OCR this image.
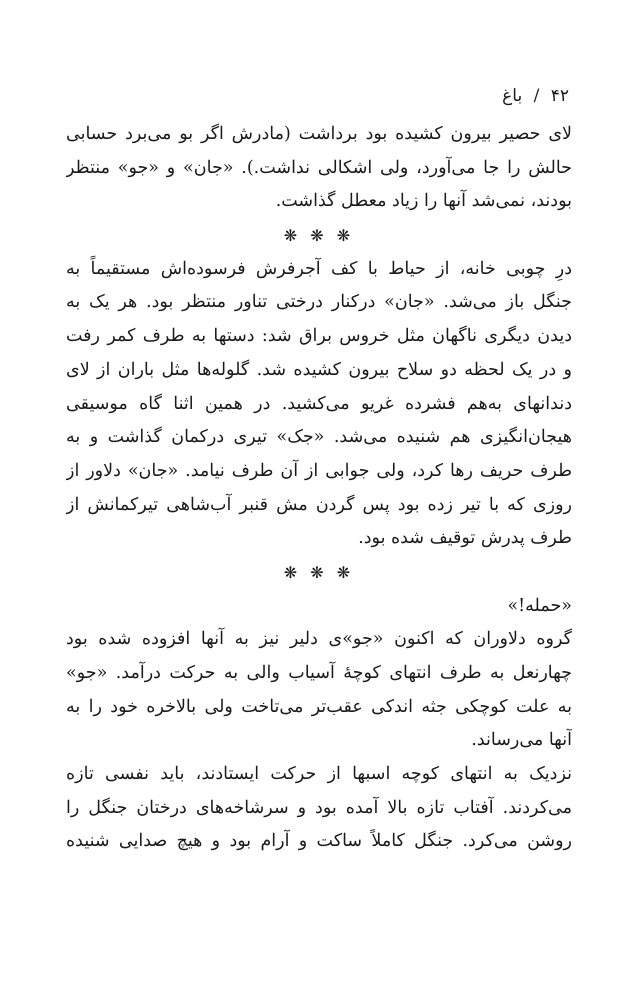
۴۲ / باغ
لای حصیر بیرون کشیده بود برداشت (مادرش اگر بو می‌برد حسابی
حالش را جا می‌آورد، ولی اشکالی نداشت.). «جان» و «جو» منتظر
بودند، نمی‌شد آنها را زیاد معطل گذاشت.
❋ ❋ ❋
درِ چوبی خانه، از حیاط با کف آجرفرش فرسوده‌اش مستقیماً به
جنگل باز می‌شد. «جان» درکنار درختی تناور منتظر بود. هر یک به
دیدن دیگری ناگهان مثل خروس براق شد: دستها به طرف کمر رفت
و در یک لحظه دو سلاح بیرون کشیده شد. گلوله‌ها مثل باران از لای
دندانهای به‌هم فشرده غریو می‌کشید. در همین اثنا گاه موسیقی
هیجان‌انگیزی هم شنیده می‌شد. «جک» تیری درکمان گذاشت و به
طرف حریف رها کرد، ولی جوابی از آن طرف نیامد. «جان» دلاور از
روزی که با تیر زده بود پس گردن مش قنبر آب‌شاهی تیرکمانش از
طرف پدرش توقیف شده بود.
❋ ❋ ❋
«حمله!»
گروه دلاوران که اکنون «جو»ی دلیر نیز به آنها افزوده شده بود
چهارنعل به طرف انتهای کوچهٔ آسیاب والی به حرکت درآمد. «جو»
به علت کوچکی جثه اندکی عقب‌تر می‌تاخت ولی بالاخره خود را به
آنها می‌رساند.
نزدیک به انتهای کوچه اسبها از حرکت ایستادند، باید نفسی تازه
می‌کردند. آفتاب تازه بالا آمده بود و سرشاخه‌های درختان جنگل را
روشن می‌کرد. جنگل کاملاً ساکت و آرام بود و هیچ صدایی شنیده
